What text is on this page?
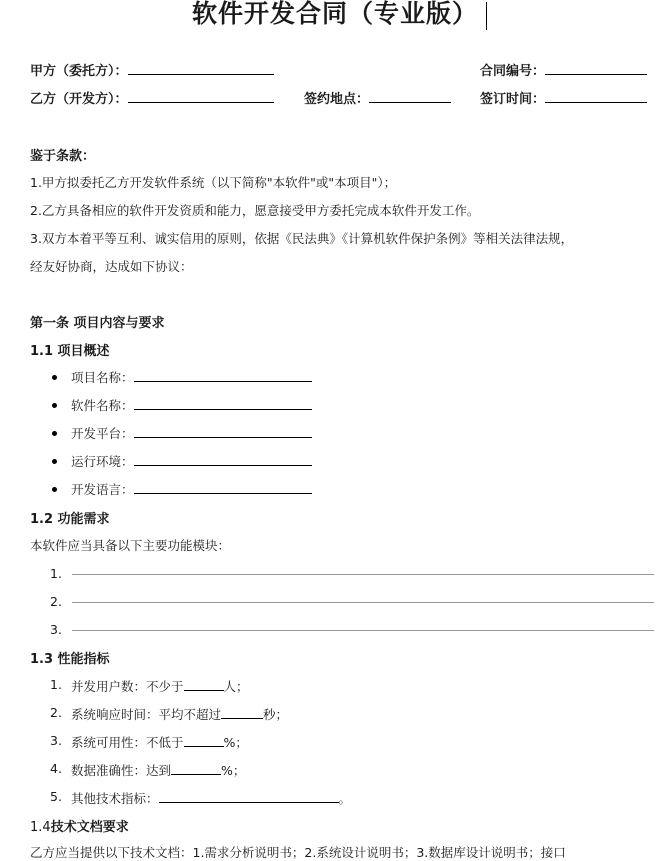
软件开发合同（专业版）
甲方（委托方）：	合同编号：
乙方（开发方）：	签约地点：	签订时间：
鉴于条款：
1.甲方拟委托乙方开发软件系统（以下简称"本软件"或"本项目"）；
2.乙方具备相应的软件开发资质和能力，愿意接受甲方委托完成本软件开发工作。
3.双方本着平等互利、诚实信用的原则，依据《民法典》《计算机软件保护条例》等相关法律法规，
经友好协商，达成如下协议：
第一条 项目内容与要求
1.1 项目概述
项目名称：
软件名称：
开发平台：
运行环境：
开发语言：
1.2 功能需求
本软件应当具备以下主要功能模块：
1.
2.
3.
1.3 性能指标
1. 并发用户数：不少于	人；
2. 系统响应时间：平均不超过	秒；
3. 系统可用性：不低于	%；
4. 数据准确性：达到	%；
5. 其他技术指标：	。
1.4技术文档要求
乙方应当提供以下技术文档：1.需求分析说明书；2.系统设计说明书；3.数据库设计说明书；接口
